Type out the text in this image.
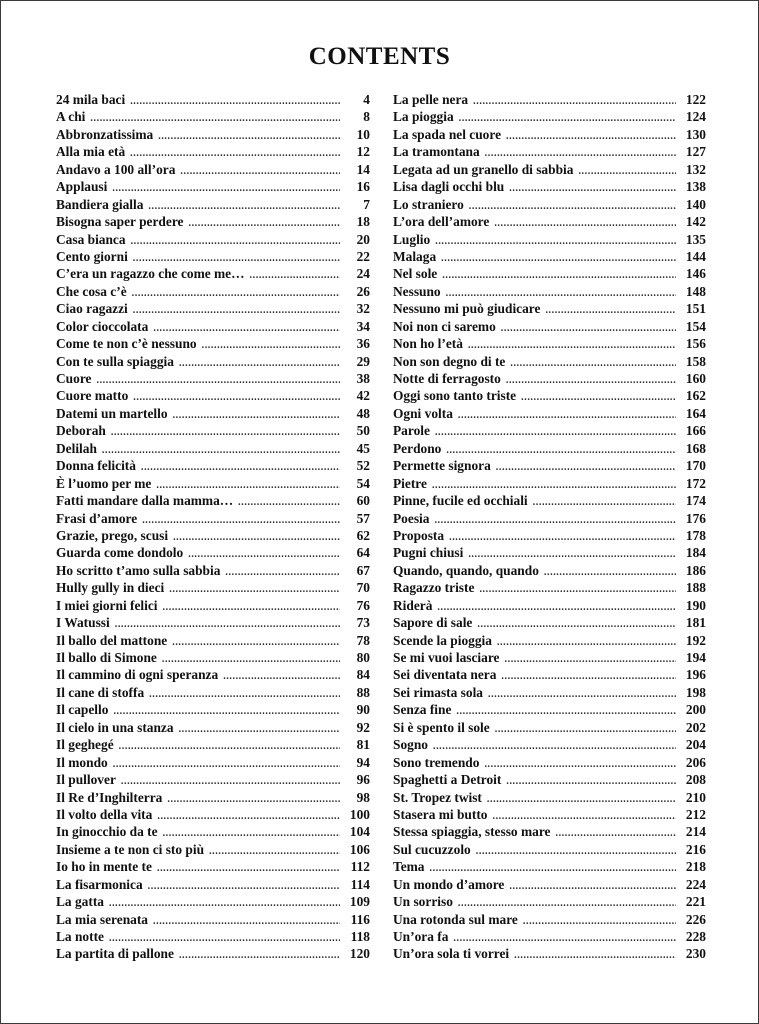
CONTENTS
24 mila baci .....	4
A chi .....	8
Abbronzatissima .....	10
Alla mia età .....	12
Andavo a 100 all’ora .....	14
Applausi .....	16
Bandiera gialla .....	7
Bisogna saper perdere .....	18
Casa bianca .....	20
Cento giorni .....	22
C’era un ragazzo che come me… .....	24
Che cosa c’è .....	26
Ciao ragazzi .....	32
Color cioccolata .....	34
Come te non c’è nessuno .....	36
Con te sulla spiaggia .....	29
Cuore .....	38
Cuore matto .....	42
Datemi un martello .....	48
Deborah .....	50
Delilah .....	45
Donna felicità .....	52
È l’uomo per me .....	54
Fatti mandare dalla mamma… .....	60
Frasi d’amore .....	57
Grazie, prego, scusi .....	62
Guarda come dondolo .....	64
Ho scritto t’amo sulla sabbia .....	67
Hully gully in dieci .....	70
I miei giorni felici .....	76
I Watussi .....	73
Il ballo del mattone .....	78
Il ballo di Simone .....	80
Il cammino di ogni speranza .....	84
Il cane di stoffa .....	88
Il capello .....	90
Il cielo in una stanza .....	92
Il geghegé .....	81
Il mondo .....	94
Il pullover .....	96
Il Re d’Inghilterra .....	98
Il volto della vita .....	100
In ginocchio da te .....	104
Insieme a te non ci sto più .....	106
Io ho in mente te .....	112
La fisarmonica .....	114
La gatta .....	109
La mia serenata .....	116
La notte .....	118
La partita di pallone .....	120
La pelle nera .....	122
La pioggia .....	124
La spada nel cuore .....	130
La tramontana .....	127
Legata ad un granello di sabbia .....	132
Lisa dagli occhi blu .....	138
Lo straniero .....	140
L’ora dell’amore .....	142
Luglio .....	135
Malaga .....	144
Nel sole .....	146
Nessuno .....	148
Nessuno mi può giudicare .....	151
Noi non ci saremo .....	154
Non ho l’età .....	156
Non son degno di te .....	158
Notte di ferragosto .....	160
Oggi sono tanto triste .....	162
Ogni volta .....	164
Parole .....	166
Perdono .....	168
Permette signora .....	170
Pietre .....	172
Pinne, fucile ed occhiali .....	174
Poesia .....	176
Proposta .....	178
Pugni chiusi .....	184
Quando, quando, quando .....	186
Ragazzo triste .....	188
Riderà .....	190
Sapore di sale .....	181
Scende la pioggia .....	192
Se mi vuoi lasciare .....	194
Sei diventata nera .....	196
Sei rimasta sola .....	198
Senza fine .....	200
Si è spento il sole .....	202
Sogno .....	204
Sono tremendo .....	206
Spaghetti a Detroit .....	208
St. Tropez twist .....	210
Stasera mi butto .....	212
Stessa spiaggia, stesso mare .....	214
Sul cucuzzolo .....	216
Tema .....	218
Un mondo d’amore .....	224
Un sorriso .....	221
Una rotonda sul mare .....	226
Un’ora fa .....	228
Un’ora sola ti vorrei .....	230
